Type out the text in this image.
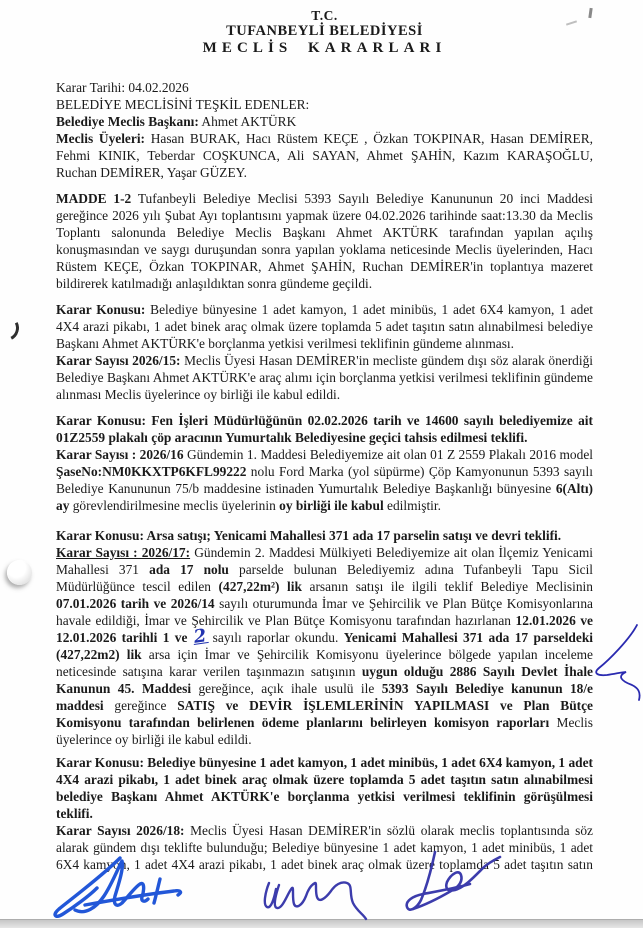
T.C.
TUFANBEYLİ BELEDİYESİ
MECLİS KARARLARI

Karar Tarihi: 04.02.2026

BELEDİYE MECLİSİNİ TEŞKİL EDENLER:

Belediye Meclis Başkanı: Ahmet AKTÜRK

Meclis Üyeleri: Hasan BURAK, Hacı Rüstem KEÇE , Özkan TOKPINAR, Hasan DEMİRER, Fehmi KINIK, Teberdar COŞKUNCA, Ali SAYAN, Ahmet ŞAHİN, Kazım KARAŞOĞLU, Ruchan DEMİRER, Yaşar GÜZEY.

MADDE 1-2 Tufanbeyli Belediye Meclisi 5393 Sayılı Belediye Kanununun 20 inci Maddesi gereğince 2026 yılı Şubat Ayı toplantısını yapmak üzere 04.02.2026 tarihinde saat:13.30 da Meclis Toplantı salonunda Belediye Meclis Başkanı Ahmet AKTÜRK tarafından yapılan açılış konuşmasından ve saygı duruşundan sonra yapılan yoklama neticesinde Meclis üyelerinden, Hacı Rüstem KEÇE, Özkan TOKPINAR, Ahmet ŞAHİN, Ruchan DEMİRER'in toplantıya mazeret bildirerek katılmadığı anlaşıldıktan sonra gündeme geçildi.

Karar Konusu: Belediye bünyesine 1 adet kamyon, 1 adet minibüs, 1 adet 6X4 kamyon, 1 adet 4X4 arazi pikabı, 1 adet binek araç olmak üzere toplamda 5 adet taşıtın satın alınabilmesi belediye Başkanı Ahmet AKTÜRK'e borçlanma yetkisi verilmesi teklifinin gündeme alınması.

Karar Sayısı 2026/15: Meclis Üyesi Hasan DEMİRER'in mecliste gündem dışı söz alarak önerdiği Belediye Başkanı Ahmet AKTÜRK'e araç alımı için borçlanma yetkisi verilmesi teklifinin gündeme alınması Meclis üyelerince oy birliği ile kabul edildi.

Karar Konusu: Fen İşleri Müdürlüğünün 02.02.2026 tarih ve 14600 sayılı belediyemize ait 01Z2559 plakalı çöp aracının Yumurtalık Belediyesine geçici tahsis edilmesi teklifi.

Karar Sayısı : 2026/16 Gündemin 1. Maddesi Belediyemize ait olan 01 Z 2559 Plakalı 2016 model ŞaseNo:NM0KKXTP6KFL99222 nolu Ford Marka (yol süpürme) Çöp Kamyonunun 5393 sayılı Belediye Kanununun 75/b maddesine istinaden Yumurtalık Belediye Başkanlığı bünyesine 6(Altı) ay görevlendirilmesine meclis üyelerinin oy birliği ile kabul edilmiştir.

Karar Konusu: Arsa satışı; Yenicami Mahallesi 371 ada 17 parselin satışı ve devri teklifi.

Karar Sayısı : 2026/17: Gündemin 2. Maddesi Mülkiyeti Belediyemize ait olan İlçemiz Yenicami Mahallesi 371 ada 17 nolu parselde bulunan Belediyemiz adına Tufanbeyli Tapu Sicil Müdürlüğünce tescil edilen (427,22m²) lik arsanın satışı ile ilgili teklif Belediye Meclisinin 07.01.2026 tarih ve 2026/14 sayılı oturumunda İmar ve Şehircilik ve Plan Bütçe Komisyonlarına havale edildiği, İmar ve Şehircilik ve Plan Bütçe Komisyonu tarafından hazırlanan 12.01.2026 ve 12.01.2026 tarihli 1 ve 2 sayılı raporlar okundu. Yenicami Mahallesi 371 ada 17 parseldeki (427,22m2) lik arsa için İmar ve Şehircilik Komisyonu üyelerince bölgede yapılan inceleme neticesinde satışına karar verilen taşınmazın satışının uygun olduğu 2886 Sayılı Devlet İhale Kanunun 45. Maddesi gereğince, açık ihale usulü ile 5393 Sayılı Belediye kanunun 18/e maddesi gereğince SATIŞ ve DEVİR İŞLEMLERİNİN YAPILMASI ve Plan Bütçe Komisyonu tarafından belirlenen ödeme planlarını belirleyen komisyon raporları Meclis üyelerince oy birliği ile kabul edildi.

Karar Konusu: Belediye bünyesine 1 adet kamyon, 1 adet minibüs, 1 adet 6X4 kamyon, 1 adet 4X4 arazi pikabı, 1 adet binek araç olmak üzere toplamda 5 adet taşıtın satın alınabilmesi belediye Başkanı Ahmet AKTÜRK'e borçlanma yetkisi verilmesi teklifinin görüşülmesi teklifi.

Karar Sayısı 2026/18: Meclis Üyesi Hasan DEMİRER'in sözlü olarak meclis toplantısında söz alarak gündem dışı teklifte bulunduğu; Belediye bünyesine 1 adet kamyon, 1 adet minibüs, 1 adet 6X4 kamyon, 1 adet 4X4 arazi pikabı, 1 adet binek araç olmak üzere toplamda 5 adet taşıtın satın
